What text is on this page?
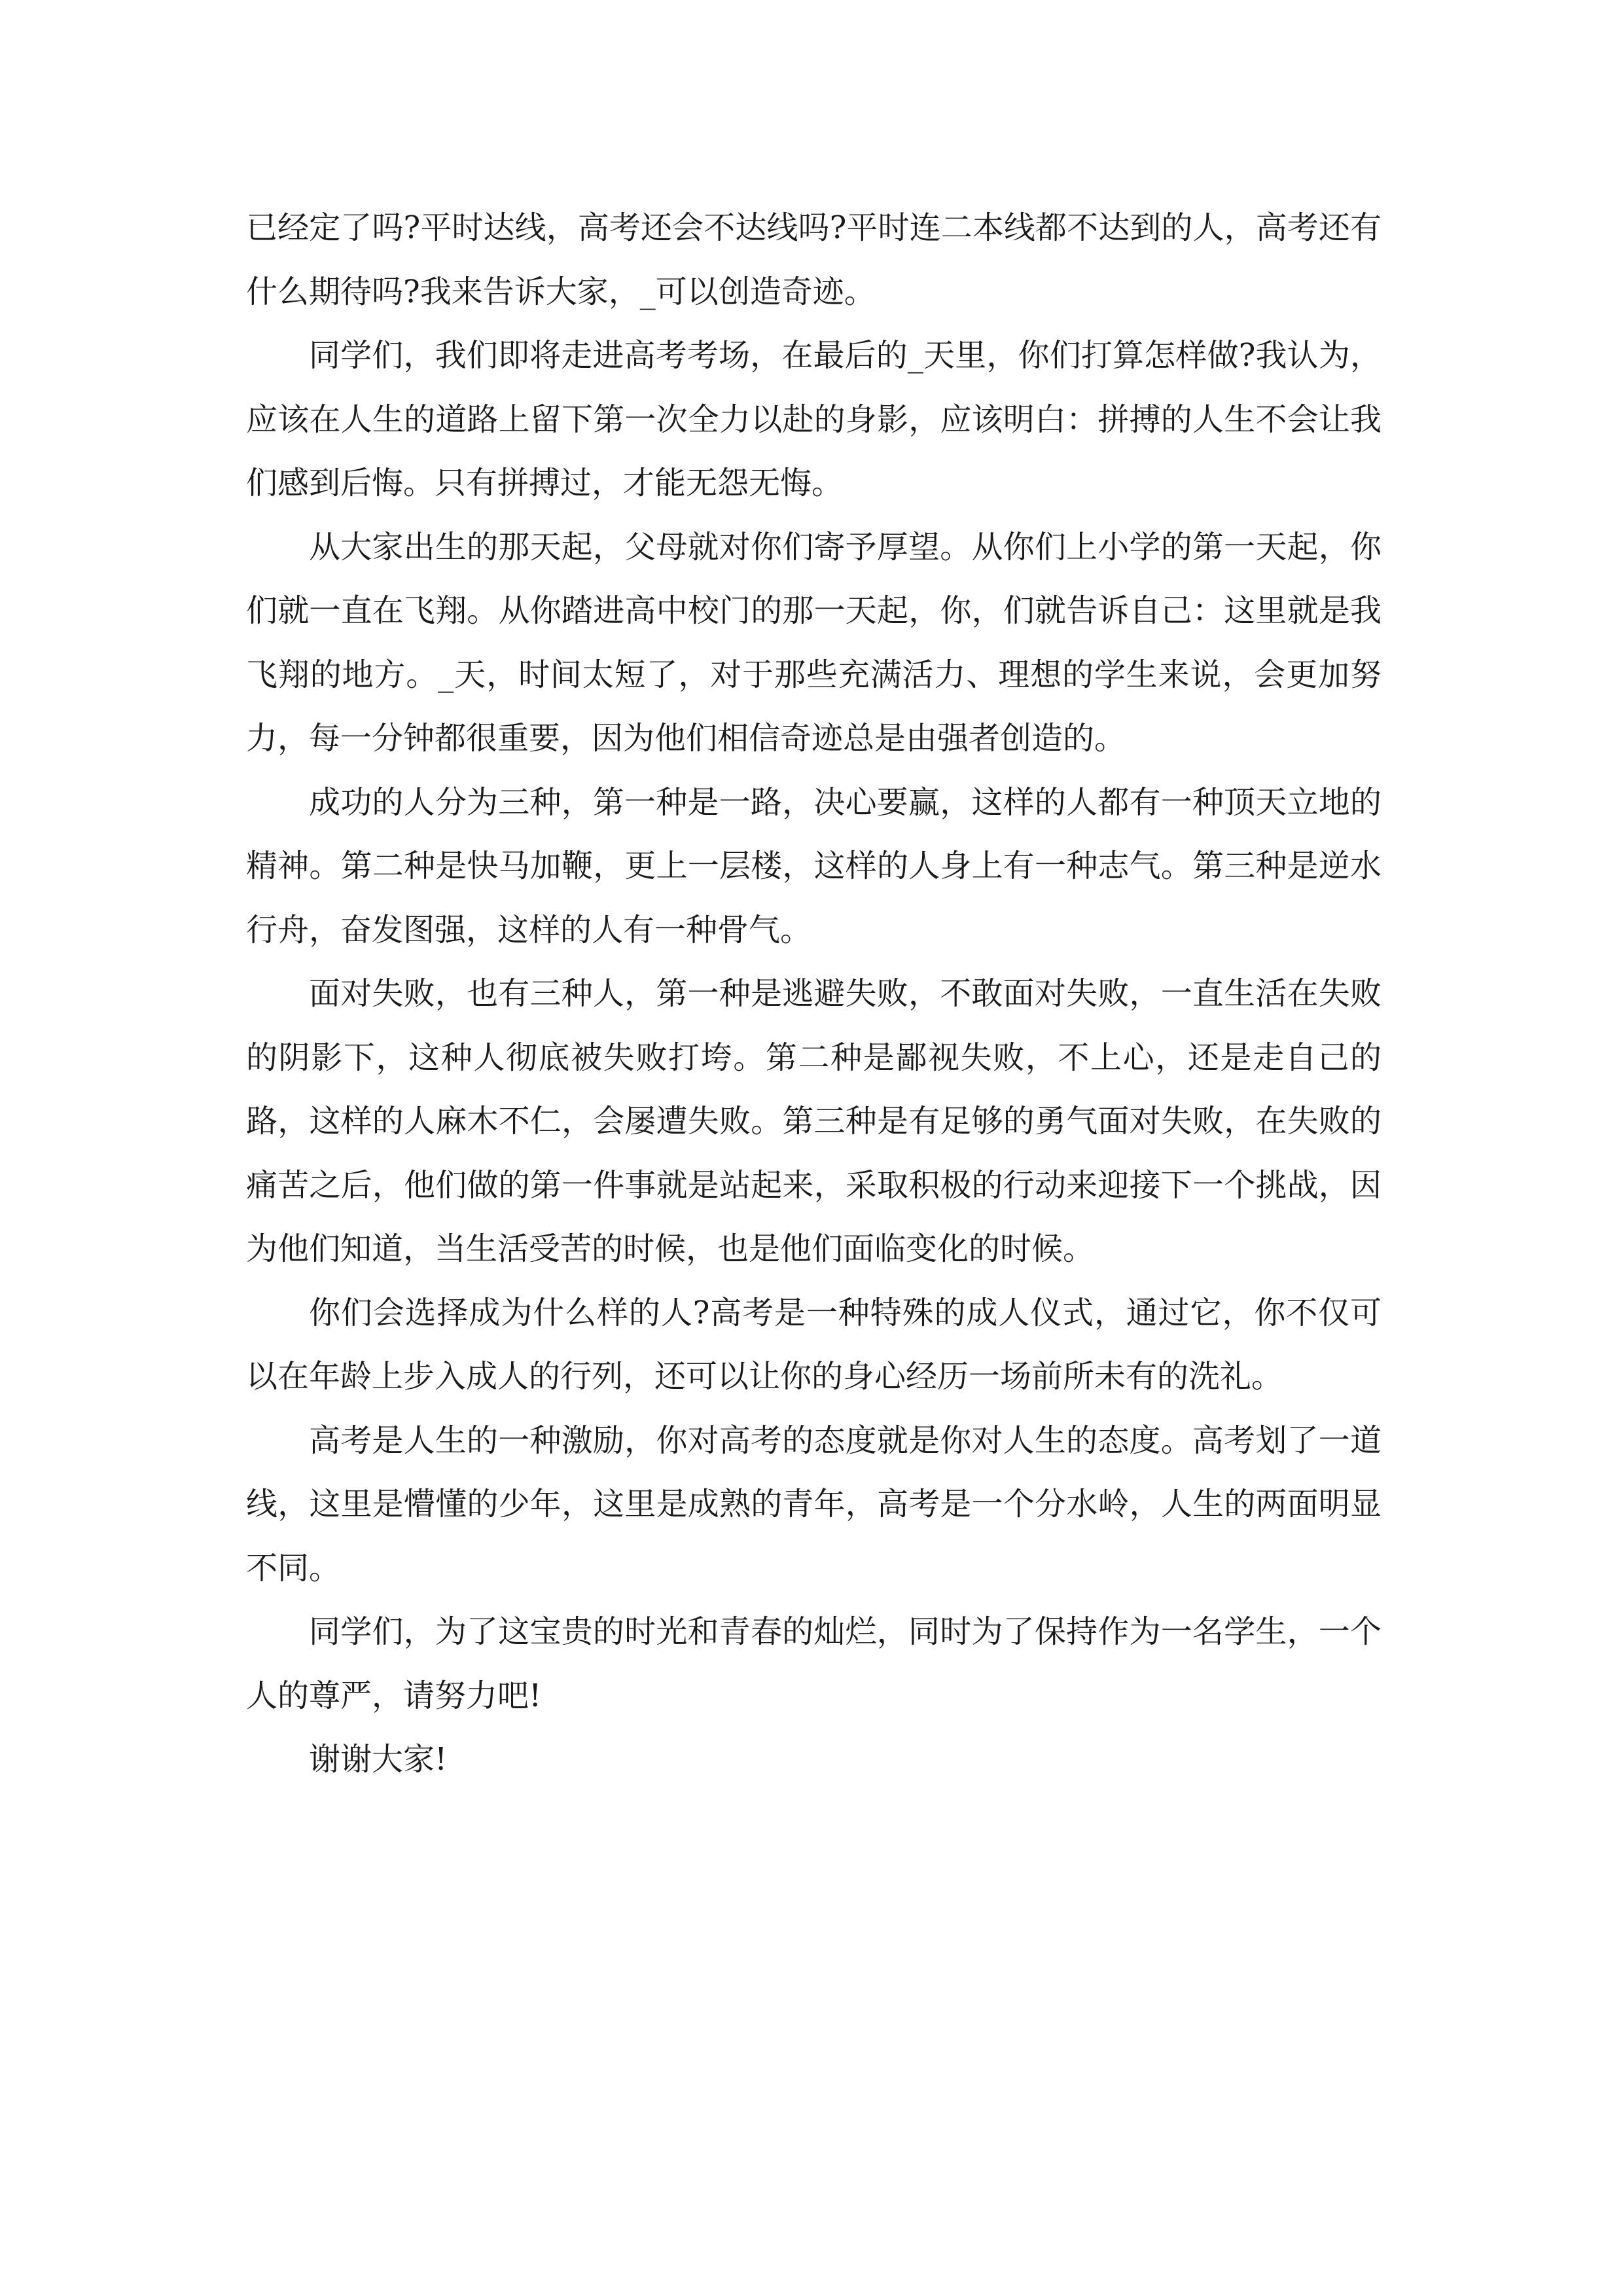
已经定了吗?平时达线，高考还会不达线吗?平时连二本线都不达到的人，高考还有什么期待吗?我来告诉大家，_可以创造奇迹。

同学们，我们即将走进高考考场，在最后的_天里，你们打算怎样做?我认为，应该在人生的道路上留下第一次全力以赴的身影，应该明白：拼搏的人生不会让我们感到后悔。只有拼搏过，才能无怨无悔。

从大家出生的那天起，父母就对你们寄予厚望。从你们上小学的第一天起，你们就一直在飞翔。从你踏进高中校门的那一天起，你，们就告诉自己：这里就是我飞翔的地方。_天，时间太短了，对于那些充满活力、理想的学生来说，会更加努力，每一分钟都很重要，因为他们相信奇迹总是由强者创造的。

成功的人分为三种，第一种是一路，决心要赢，这样的人都有一种顶天立地的精神。第二种是快马加鞭，更上一层楼，这样的人身上有一种志气。第三种是逆水行舟，奋发图强，这样的人有一种骨气。

面对失败，也有三种人，第一种是逃避失败，不敢面对失败，一直生活在失败的阴影下，这种人彻底被失败打垮。第二种是鄙视失败，不上心，还是走自己的路，这样的人麻木不仁，会屡遭失败。第三种是有足够的勇气面对失败，在失败的痛苦之后，他们做的第一件事就是站起来，采取积极的行动来迎接下一个挑战，因为他们知道，当生活受苦的时候，也是他们面临变化的时候。

你们会选择成为什么样的人?高考是一种特殊的成人仪式，通过它，你不仅可以在年龄上步入成人的行列，还可以让你的身心经历一场前所未有的洗礼。

高考是人生的一种激励，你对高考的态度就是你对人生的态度。高考划了一道线，这里是懵懂的少年，这里是成熟的青年，高考是一个分水岭，人生的两面明显不同。

同学们，为了这宝贵的时光和青春的灿烂，同时为了保持作为一名学生，一个人的尊严，请努力吧!

谢谢大家!
